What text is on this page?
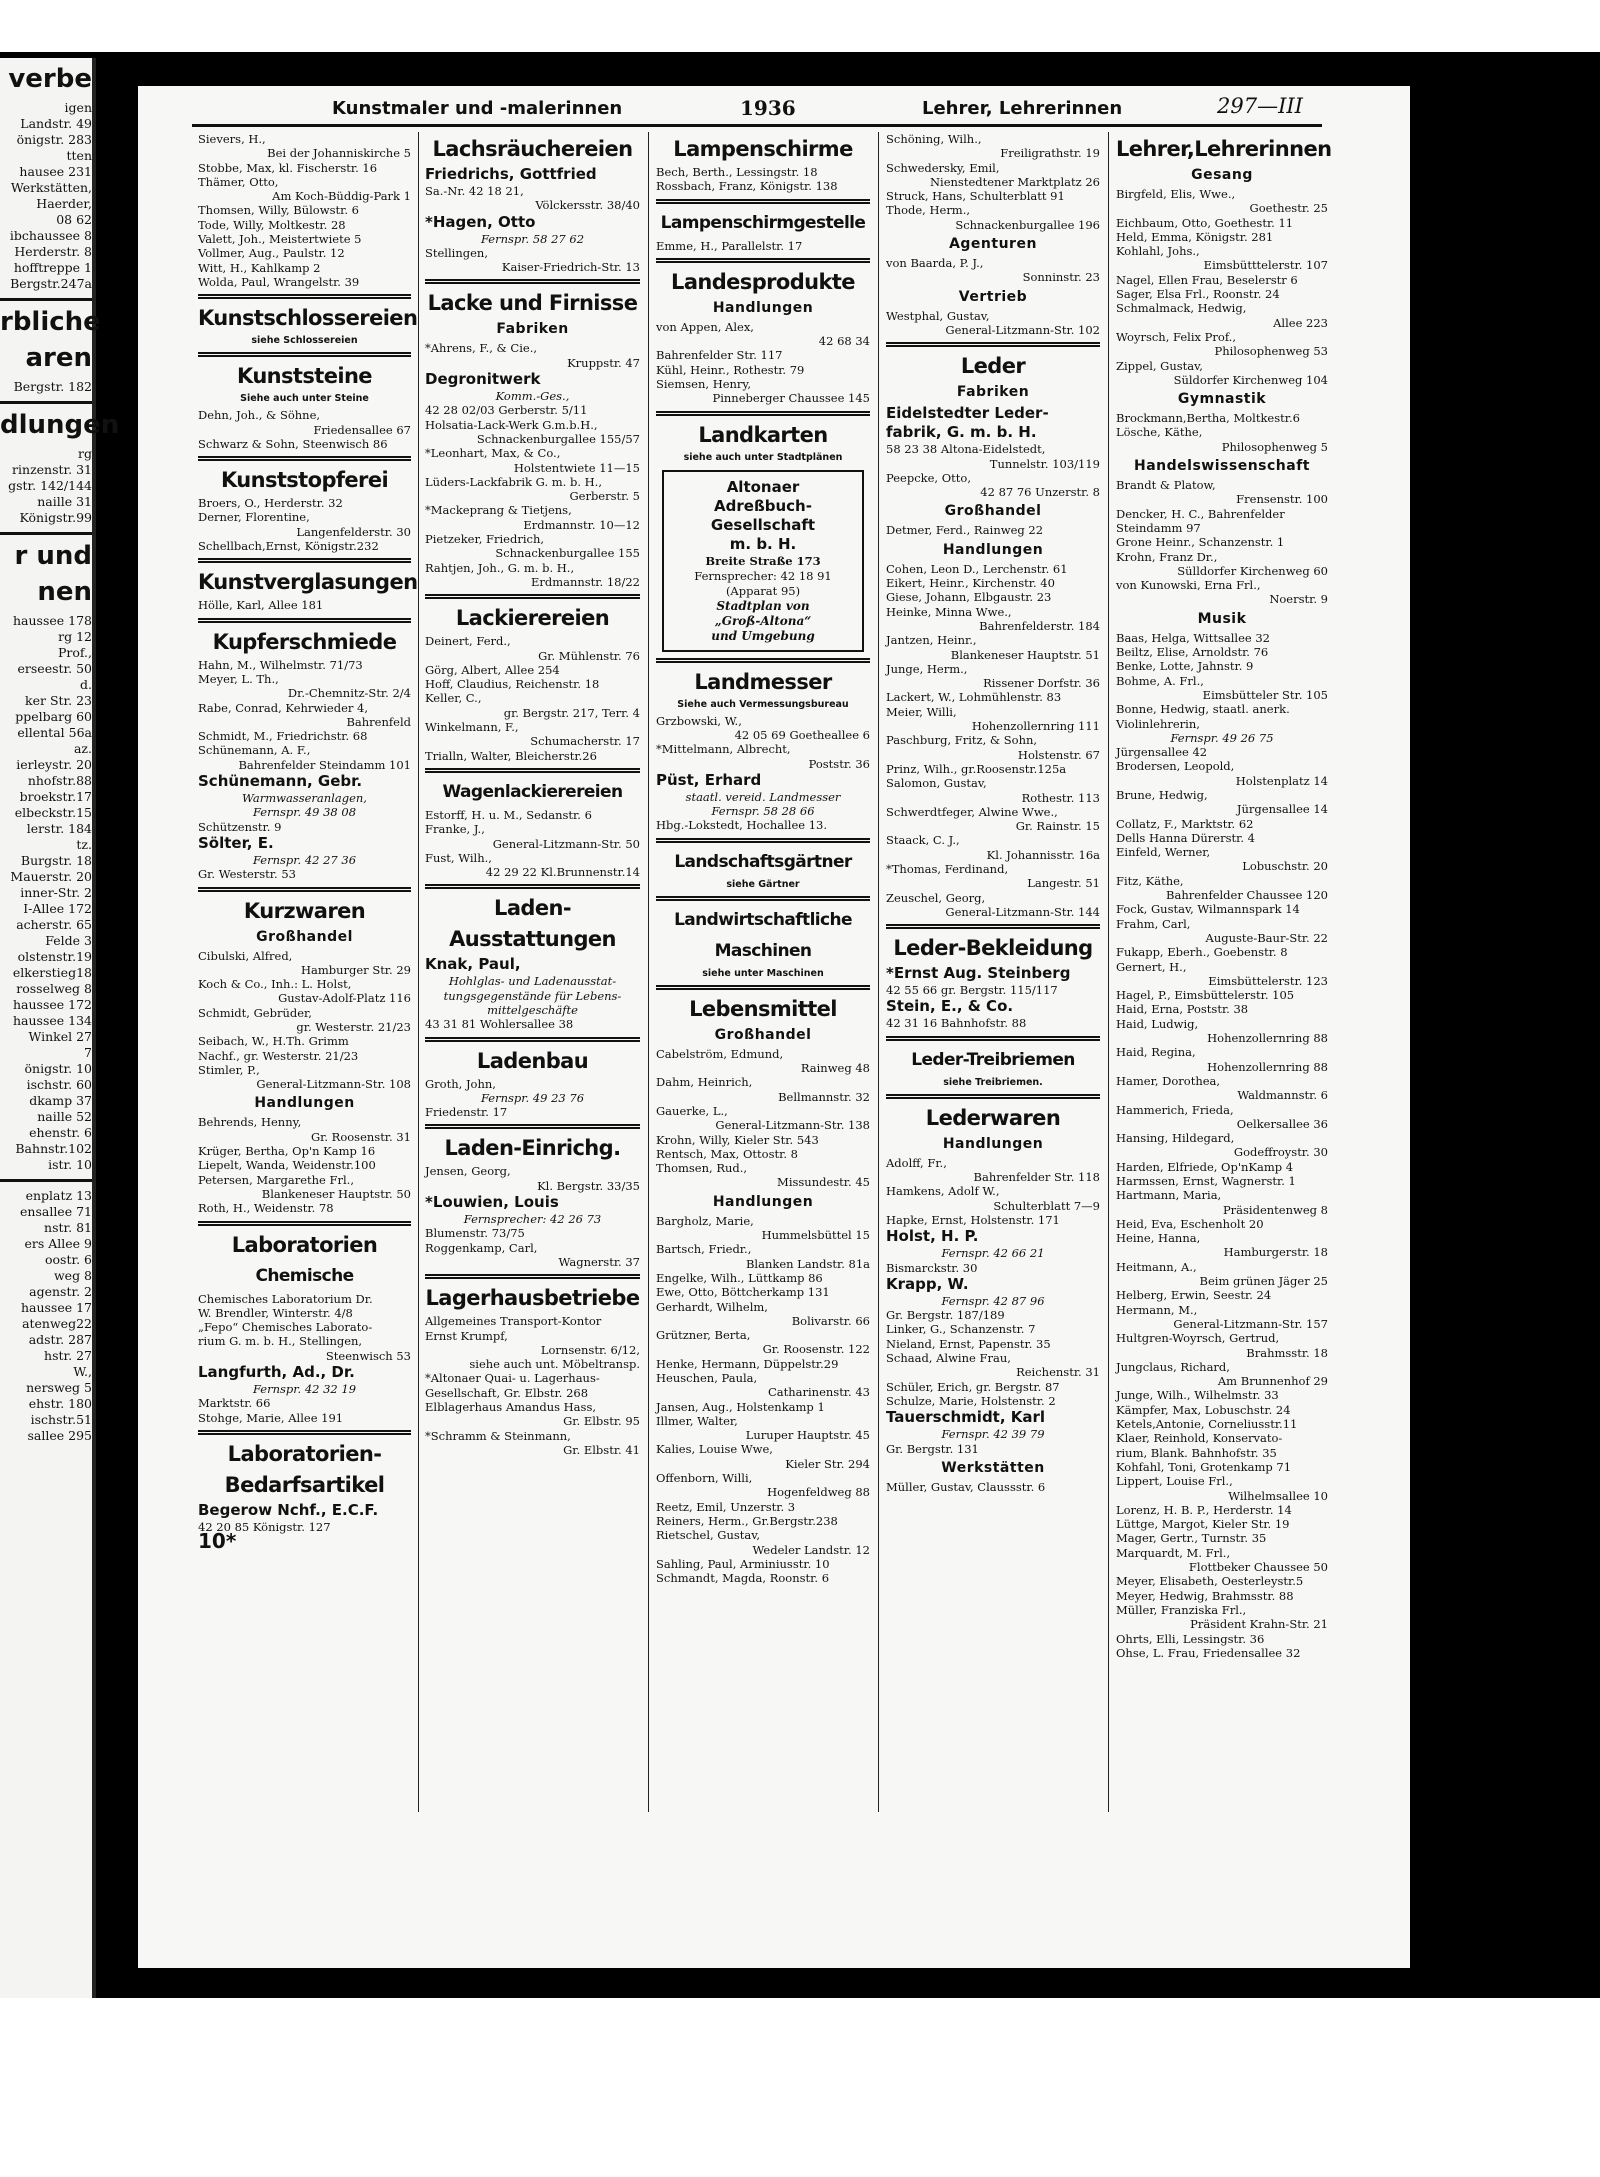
verbe
igen
Landstr. 49
önigstr. 283
tten
hausee 231
Werkstätten,
Haerder,
08 62
ibchaussee 8
Herderstr. 8
hofftreppe 1
Bergstr.247a
rbliche
aren
Bergstr. 182
dlungen
rg
rinzenstr. 31
gstr. 142/144
naille 31
Königstr.99
r und
nen
haussee 178
rg 12
Prof.,
erseestr. 50
d.
ker Str. 23
ppelbarg 60
ellental 56a
az.
ierleystr. 20
nhofstr.88
broekstr.17
elbeckstr.15
lerstr. 184
tz.
Burgstr. 18
Mauerstr. 20
inner-Str. 2
I-Allee 172
acherstr. 65
Felde 3
olstenstr.19
elkerstieg18
rosselweg 8
haussee 172
haussee 134
Winkel 27
7
önigstr. 10
ischstr. 60
dkamp 37
naille 52
ehenstr. 6
Bahnstr.102
istr. 10
enplatz 13
ensallee 71
nstr. 81
ers Allee 9
oostr. 6
weg 8
agenstr. 2
haussee 17
atenweg22
adstr. 287
hstr. 27
W.,
nersweg 5
ehstr. 180
ischstr.51
sallee 295
Kunstmaler und -malerinnen	1936	Lehrer, Lehrerinnen	297—III
Sievers, H.,
Bei der Johanniskirche 5
Stobbe, Max, kl. Fischerstr. 16
Thämer, Otto,
Am Koch-Büddig-Park 1
Thomsen, Willy, Bülowstr. 6
Tode, Willy, Moltkestr. 28
Valett, Joh., Meistertwiete 5
Vollmer, Aug., Paulstr. 12
Witt, H., Kahlkamp 2
Wolda, Paul, Wrangelstr. 39
Kunstschlossereien
siehe Schlossereien
Kunststeine
Siehe auch unter Steine
Dehn, Joh., & Söhne,
Friedensallee 67
Schwarz & Sohn, Steenwisch 86
Kunststopferei
Broers, O., Herderstr. 32
Derner, Florentine,
Langenfelderstr. 30
Schellbach,Ernst, Königstr.232
Kunstverglasungen
Hölle, Karl, Allee 181
Kupferschmiede
Hahn, M., Wilhelmstr. 71/73
Meyer, L. Th.,
Dr.-Chemnitz-Str. 2/4
Rabe, Conrad, Kehrwieder 4,
Bahrenfeld
Schmidt, M., Friedrichstr. 68
Schünemann, A. F.,
Bahrenfelder Steindamm 101
Schünemann, Gebr.
Warmwasseranlagen,
Fernspr. 49 38 08
Schützenstr. 9
Sölter, E.
Fernspr. 42 27 36
Gr. Westerstr. 53
Kurzwaren
Großhandel
Cibulski, Alfred,
Hamburger Str. 29
Koch & Co., Inh.: L. Holst,
Gustav-Adolf-Platz 116
Schmidt, Gebrüder,
gr. Westerstr. 21/23
Seibach, W., H.Th. Grimm
Nachf., gr. Westerstr. 21/23
Stimler, P.,
General-Litzmann-Str. 108
Handlungen
Behrends, Henny,
Gr. Roosenstr. 31
Krüger, Bertha, Op'n Kamp 16
Liepelt, Wanda, Weidenstr.100
Petersen, Margarethe Frl.,
Blankeneser Hauptstr. 50
Roth, H., Weidenstr. 78
Laboratorien
Chemische
Chemisches Laboratorium Dr.
W. Brendler, Winterstr. 4/8
„Fepo“ Chemisches Laborato-
rium G. m. b. H., Stellingen,
Steenwisch 53
Langfurth, Ad., Dr.
Fernspr. 42 32 19
Marktstr. 66
Stohge, Marie, Allee 191
Laboratorien-
Bedarfsartikel
Begerow Nchf., E.C.F.
42 20 85 Königstr. 127
10*
Lachsräuchereien
Friedrichs, Gottfried
Sa.-Nr. 42 18 21,
Völckersstr. 38/40
*Hagen, Otto
Fernspr. 58 27 62
Stellingen,
Kaiser-Friedrich-Str. 13
Lacke und Firnisse
Fabriken
*Ahrens, F., & Cie.,
Kruppstr. 47
Degronitwerk
Komm.-Ges.,
42 28 02/03 Gerberstr. 5/11
Holsatia-Lack-Werk G.m.b.H.,
Schnackenburgallee 155/57
*Leonhart, Max, & Co.,
Holstentwiete 11—15
Lüders-Lackfabrik G. m. b. H.,
Gerberstr. 5
*Mackeprang & Tietjens,
Erdmannstr. 10—12
Pietzeker, Friedrich,
Schnackenburgallee 155
Rahtjen, Joh., G. m. b. H.,
Erdmannstr. 18/22
Lackierereien
Deinert, Ferd.,
Gr. Mühlenstr. 76
Görg, Albert, Allee 254
Hoff, Claudius, Reichenstr. 18
Keller, C.,
gr. Bergstr. 217, Terr. 4
Winkelmann, F.,
Schumacherstr. 17
Trialln, Walter, Bleicherstr.26
Wagenlackierereien
Estorff, H. u. M., Sedanstr. 6
Franke, J.,
General-Litzmann-Str. 50
Fust, Wilh.,
42 29 22 Kl.Brunnenstr.14
Laden-
Ausstattungen
Knak, Paul,
Hohlglas- und Ladenausstat-
tungsgegenstände für Lebens-
mittelgeschäfte
43 31 81 Wohlersallee 38
Ladenbau
Groth, John,
Fernspr. 49 23 76
Friedenstr. 17
Laden-Einrichg.
Jensen, Georg,
Kl. Bergstr. 33/35
*Louwien, Louis
Fernsprecher: 42 26 73
Blumenstr. 73/75
Roggenkamp, Carl,
Wagnerstr. 37
Lagerhausbetriebe
Allgemeines Transport-Kontor
Ernst Krumpf,
Lornsenstr. 6/12,
siehe auch unt. Möbeltransp.
*Altonaer Quai- u. Lagerhaus-
Gesellschaft, Gr. Elbstr. 268
Elblagerhaus Amandus Hass,
Gr. Elbstr. 95
*Schramm & Steinmann,
Gr. Elbstr. 41
Lampenschirme
Bech, Berth., Lessingstr. 18
Rossbach, Franz, Königstr. 138
Lampenschirmgestelle
Emme, H., Parallelstr. 17
Landesprodukte
Handlungen
von Appen, Alex,
42 68 34
Bahrenfelder Str. 117
Kühl, Heinr., Rothestr. 79
Siemsen, Henry,
Pinneberger Chaussee 145
Landkarten
siehe auch unter Stadtplänen
Altonaer
Adreßbuch-
Gesellschaft
m. b. H.
Breite Straße 173
Fernsprecher: 42 18 91
(Apparat 95)
Stadtplan von
„Groß-Altona“
und Umgebung
Landmesser
Siehe auch Vermessungsbureau
Grzbowski, W.,
42 05 69 Goetheallee 6
*Mittelmann, Albrecht,
Poststr. 36
Püst, Erhard
staatl. vereid. Landmesser
Fernspr. 58 28 66
Hbg.-Lokstedt, Hochallee 13.
Landschaftsgärtner
siehe Gärtner
Landwirtschaftliche
Maschinen
siehe unter Maschinen
Lebensmittel
Großhandel
Cabelström, Edmund,
Rainweg 48
Dahm, Heinrich,
Bellmannstr. 32
Gauerke, L.,
General-Litzmann-Str. 138
Krohn, Willy, Kieler Str. 543
Rentsch, Max, Ottostr. 8
Thomsen, Rud.,
Missundestr. 45
Handlungen
Bargholz, Marie,
Hummelsbüttel 15
Bartsch, Friedr.,
Blanken Landstr. 81a
Engelke, Wilh., Lüttkamp 86
Ewe, Otto, Böttcherkamp 131
Gerhardt, Wilhelm,
Bolivarstr. 66
Grützner, Berta,
Gr. Roosenstr. 122
Henke, Hermann, Düppelstr.29
Heuschen, Paula,
Catharinenstr. 43
Jansen, Aug., Holstenkamp 1
Illmer, Walter,
Luruper Hauptstr. 45
Kalies, Louise Wwe,
Kieler Str. 294
Offenborn, Willi,
Hogenfeldweg 88
Reetz, Emil, Unzerstr. 3
Reiners, Herm., Gr.Bergstr.238
Rietschel, Gustav,
Wedeler Landstr. 12
Sahling, Paul, Arminiusstr. 10
Schmandt, Magda, Roonstr. 6
Schöning, Wilh.,
Freiligrathstr. 19
Schwedersky, Emil,
Nienstedtener Marktplatz 26
Struck, Hans, Schulterblatt 91
Thode, Herm.,
Schnackenburgallee 196
Agenturen
von Baarda, P. J.,
Sonninstr. 23
Vertrieb
Westphal, Gustav,
General-Litzmann-Str. 102
Leder
Fabriken
Eidelstedter Leder-
fabrik, G. m. b. H.
58 23 38 Altona-Eidelstedt,
Tunnelstr. 103/119
Peepcke, Otto,
42 87 76 Unzerstr. 8
Großhandel
Detmer, Ferd., Rainweg 22
Handlungen
Cohen, Leon D., Lerchenstr. 61
Eikert, Heinr., Kirchenstr. 40
Giese, Johann, Elbgaustr. 23
Heinke, Minna Wwe.,
Bahrenfelderstr. 184
Jantzen, Heinr.,
Blankeneser Hauptstr. 51
Junge, Herm.,
Rissener Dorfstr. 36
Lackert, W., Lohmühlenstr. 83
Meier, Willi,
Hohenzollernring 111
Paschburg, Fritz, & Sohn,
Holstenstr. 67
Prinz, Wilh., gr.Roosenstr.125a
Salomon, Gustav,
Rothestr. 113
Schwerdtfeger, Alwine Wwe.,
Gr. Rainstr. 15
Staack, C. J.,
Kl. Johannisstr. 16a
*Thomas, Ferdinand,
Langestr. 51
Zeuschel, Georg,
General-Litzmann-Str. 144
Leder-Bekleidung
*Ernst Aug. Steinberg
42 55 66 gr. Bergstr. 115/117
Stein, E., & Co.
42 31 16 Bahnhofstr. 88
Leder-Treibriemen
siehe Treibriemen.
Lederwaren
Handlungen
Adolff, Fr.,
Bahrenfelder Str. 118
Hamkens, Adolf W.,
Schulterblatt 7—9
Hapke, Ernst, Holstenstr. 171
Holst, H. P.
Fernspr. 42 66 21
Bismarckstr. 30
Krapp, W.
Fernspr. 42 87 96
Gr. Bergstr. 187/189
Linker, G., Schanzenstr. 7
Nieland, Ernst, Papenstr. 35
Schaad, Alwine Frau,
Reichenstr. 31
Schüler, Erich, gr. Bergstr. 87
Schulze, Marie, Holstenstr. 2
Tauerschmidt, Karl
Fernspr. 42 39 79
Gr. Bergstr. 131
Werkstätten
Müller, Gustav, Claussstr. 6
Lehrer,Lehrerinnen
Gesang
Birgfeld, Elis, Wwe.,
Goethestr. 25
Eichbaum, Otto, Goethestr. 11
Held, Emma, Königstr. 281
Kohlahl, Johs.,
Eimsbütttelerstr. 107
Nagel, Ellen Frau, Beselerstr 6
Sager, Elsa Frl., Roonstr. 24
Schmalmack, Hedwig,
Allee 223
Woyrsch, Felix Prof.,
Philosophenweg 53
Zippel, Gustav,
Süldorfer Kirchenweg 104
Gymnastik
Brockmann,Bertha, Moltkestr.6
Lösche, Käthe,
Philosophenweg 5
Handelswissenschaft
Brandt & Platow,
Frensenstr. 100
Dencker, H. C., Bahrenfelder
Steindamm 97
Grone Heinr., Schanzenstr. 1
Krohn, Franz Dr.,
Sülldorfer Kirchenweg 60
von Kunowski, Erna Frl.,
Noerstr. 9
Musik
Baas, Helga, Wittsallee 32
Beiltz, Elise, Arnoldstr. 76
Benke, Lotte, Jahnstr. 9
Bohme, A. Frl.,
Eimsbütteler Str. 105
Bonne, Hedwig, staatl. anerk.
Violinlehrerin,
Fernspr. 49 26 75
Jürgensallee 42
Brodersen, Leopold,
Holstenplatz 14
Brune, Hedwig,
Jürgensallee 14
Collatz, F., Marktstr. 62
Dells Hanna Dürerstr. 4
Einfeld, Werner,
Lobuschstr. 20
Fitz, Käthe,
Bahrenfelder Chaussee 120
Fock, Gustav, Wilmannspark 14
Frahm, Carl,
Auguste-Baur-Str. 22
Fukapp, Eberh., Goebenstr. 8
Gernert, H.,
Eimsbüttelerstr. 123
Hagel, P., Eimsbüttelerstr. 105
Haid, Erna, Poststr. 38
Haid, Ludwig,
Hohenzollernring 88
Haid, Regina,
Hohenzollernring 88
Hamer, Dorothea,
Waldmannstr. 6
Hammerich, Frieda,
Oelkersallee 36
Hansing, Hildegard,
Godeffroystr. 30
Harden, Elfriede, Op'nKamp 4
Harmssen, Ernst, Wagnerstr. 1
Hartmann, Maria,
Präsidentenweg 8
Heid, Eva, Eschenholt 20
Heine, Hanna,
Hamburgerstr. 18
Heitmann, A.,
Beim grünen Jäger 25
Helberg, Erwin, Seestr. 24
Hermann, M.,
General-Litzmann-Str. 157
Hultgren-Woyrsch, Gertrud,
Brahmsstr. 18
Jungclaus, Richard,
Am Brunnenhof 29
Junge, Wilh., Wilhelmstr. 33
Kämpfer, Max, Lobuschstr. 24
Ketels,Antonie, Corneliusstr.11
Klaer, Reinhold, Konservato-
rium, Blank. Bahnhofstr. 35
Kohfahl, Toni, Grotenkamp 71
Lippert, Louise Frl.,
Wilhelmsallee 10
Lorenz, H. B. P., Herderstr. 14
Lüttge, Margot, Kieler Str. 19
Mager, Gertr., Turnstr. 35
Marquardt, M. Frl.,
Flottbeker Chaussee 50
Meyer, Elisabeth, Oesterleystr.5
Meyer, Hedwig, Brahmsstr. 88
Müller, Franziska Frl.,
Präsident Krahn-Str. 21
Ohrts, Elli, Lessingstr. 36
Ohse, L. Frau, Friedensallee 32
